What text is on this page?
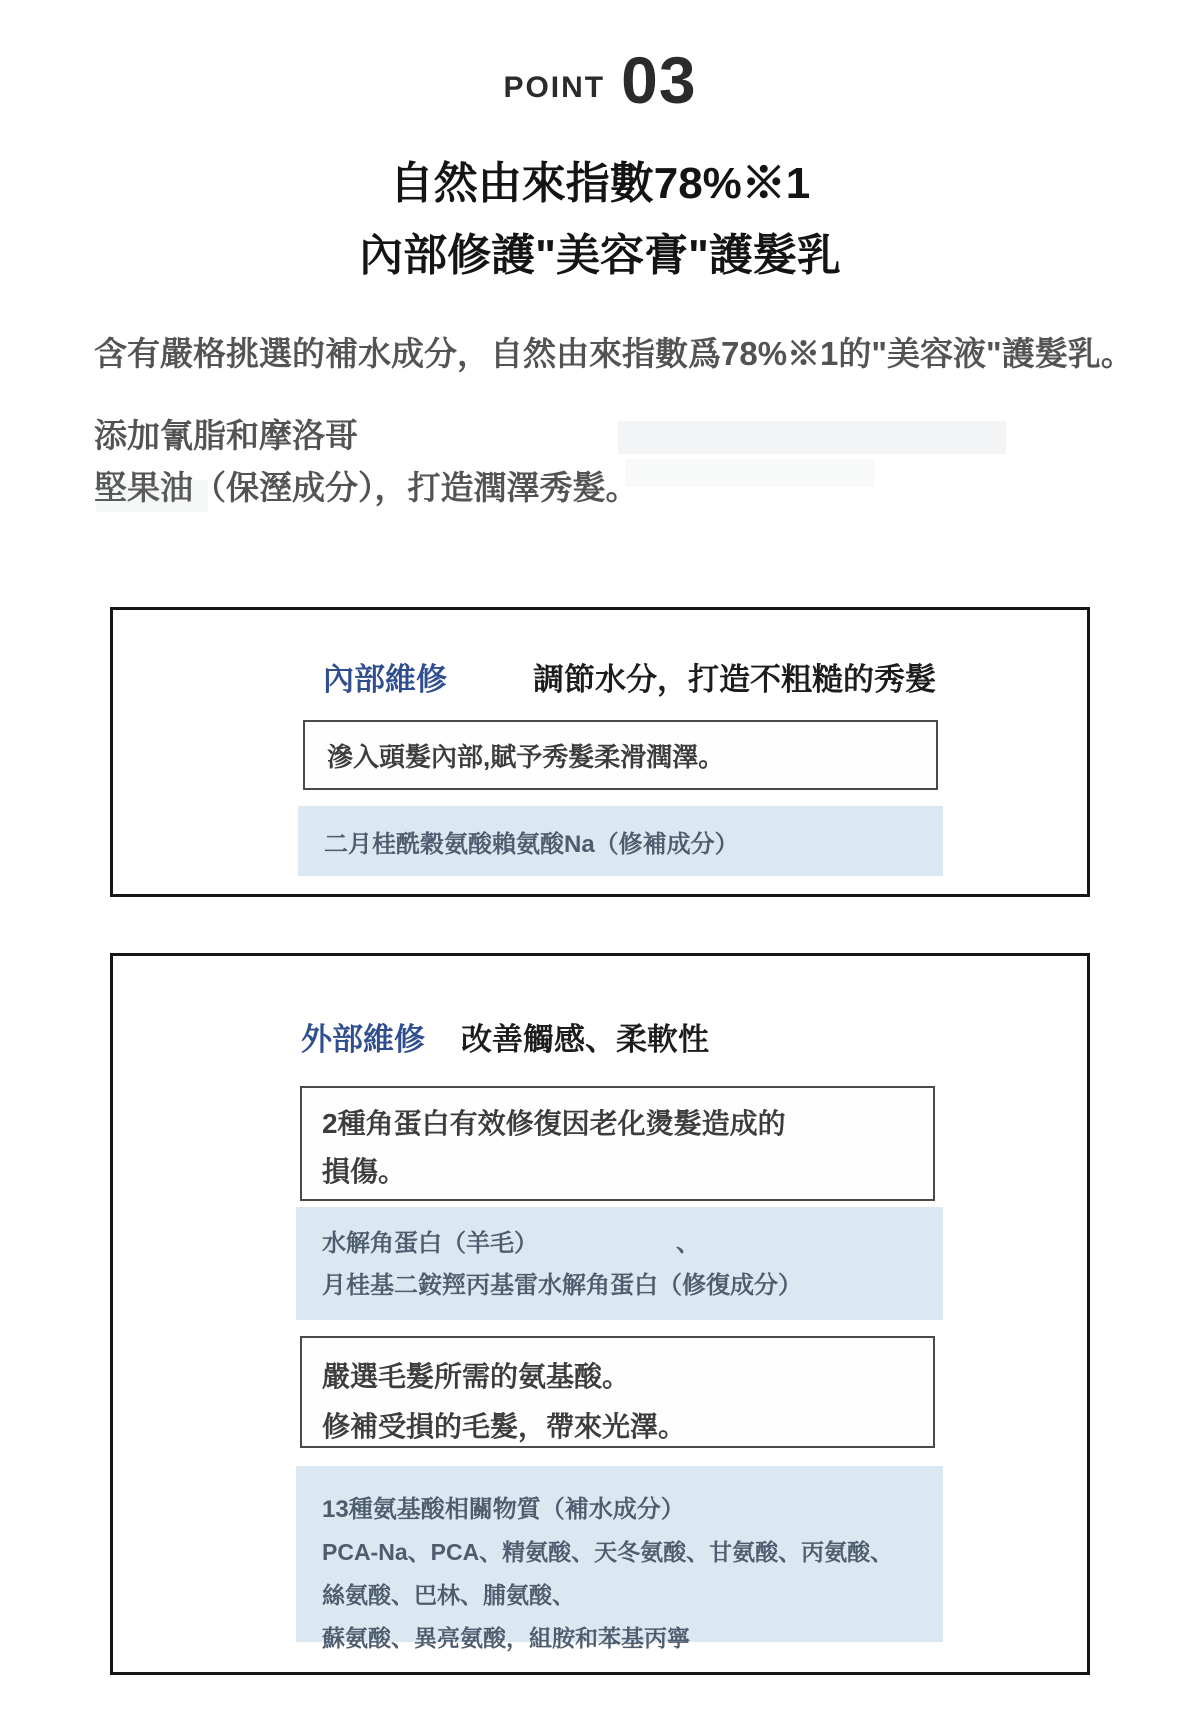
POINT 03
自然由來指數78%※1
內部修護"美容膏"護髮乳
含有嚴格挑選的補水成分，自然由來指數爲78%※1的"美容液"護髮乳。
添加氰脂和摩洛哥
堅果油（保溼成分），打造潤澤秀髮。
內部維修	調節水分，打造不粗糙的秀髮
滲入頭髮內部,賦予秀髮柔滑潤澤。
二月桂酰穀氨酸賴氨酸Na（修補成分）
外部維修 改善觸感、柔軟性
2種角蛋白有效修復因老化燙髮造成的
損傷。
水解角蛋白（羊毛）	、
月桂基二銨羥丙基雷水解角蛋白（修復成分）
嚴選毛髮所需的氨基酸。
修補受損的毛髮，帶來光澤。
13種氨基酸相關物質（補水成分）
PCA-Na、PCA、精氨酸、天冬氨酸、甘氨酸、丙氨酸、絲氨酸、巴林、脯氨酸、
蘇氨酸、異亮氨酸，組胺和苯基丙寧
